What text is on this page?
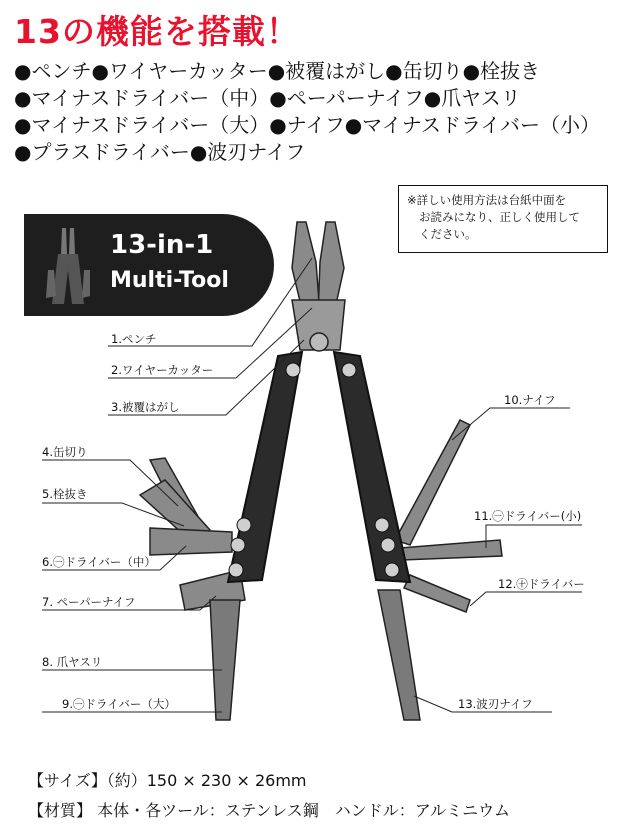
13の機能を搭載！
●ペンチ●ワイヤーカッター●被覆はがし●缶切り●栓抜き
●マイナスドライバー（中）●ペーパーナイフ●爪ヤスリ
●マイナスドライバー（大）●ナイフ●マイナスドライバー（小）
●プラスドライバー●波刃ナイフ
※詳しい使用方法は台紙中面を
お読みになり、正しく使用して
ください。
13-in-1
Multi-Tool
1.ペンチ
2.ワイヤーカッター
3.被覆はがし
4.缶切り
5.栓抜き
6.㊀ドライバー（中）
7. ペーパーナイフ
8. 爪ヤスリ
9.㊀ドライバー（大）
10.ナイフ
11.㊀ドライバー(小)
12.㊉ドライバー
13.波刃ナイフ
【サイズ】（約）150 × 230 × 26mm
【材質】 本体・各ツール：ステンレス鋼　ハンドル：アルミニウム
